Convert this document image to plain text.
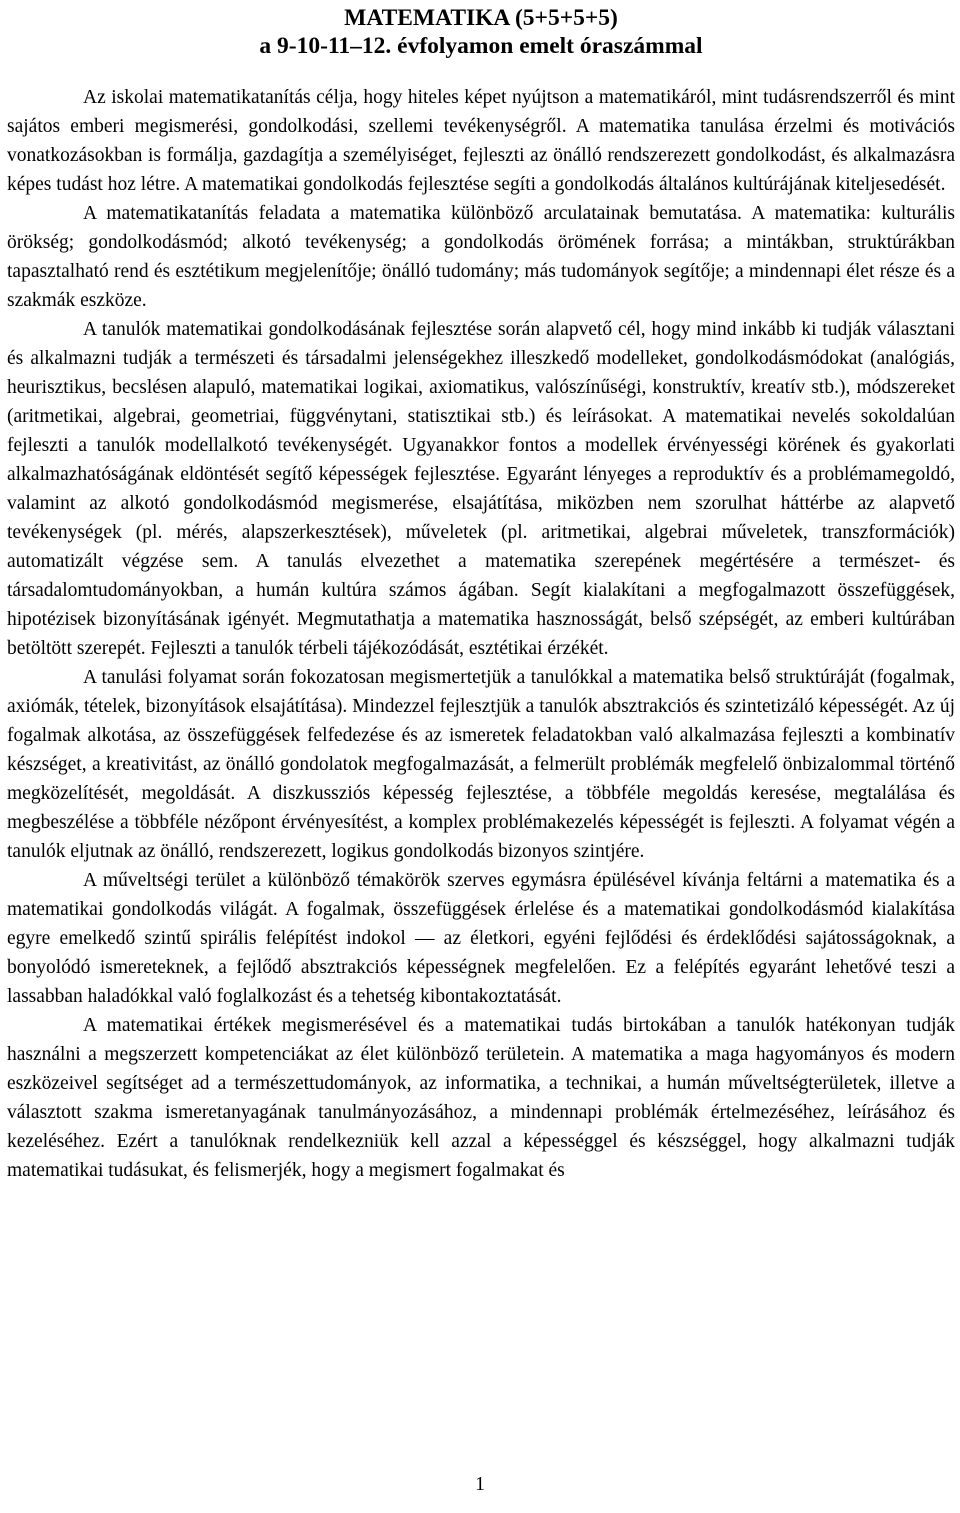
MATEMATIKA (5+5+5+5)
a 9-10-11–12. évfolyamon emelt óraszámmal

Az iskolai matematikatanítás célja, hogy hiteles képet nyújtson a matematikáról, mint tudásrendszerről és mint sajátos emberi megismerési, gondolkodási, szellemi tevékenységről. A matematika tanulása érzelmi és motivációs vonatkozásokban is formálja, gazdagítja a személyiséget, fejleszti az önálló rendszerezett gondolkodást, és alkalmazásra képes tudást hoz létre. A matematikai gondolkodás fejlesztése segíti a gondolkodás általános kultúrájának kiteljesedését.

A matematikatanítás feladata a matematika különböző arculatainak bemutatása. A matematika: kulturális örökség; gondolkodásmód; alkotó tevékenység; a gondolkodás örömének forrása; a mintákban, struktúrákban tapasztalható rend és esztétikum megjelenítője; önálló tudomány; más tudományok segítője; a mindennapi élet része és a szakmák eszköze.

A tanulók matematikai gondolkodásának fejlesztése során alapvető cél, hogy mind inkább ki tudják választani és alkalmazni tudják a természeti és társadalmi jelenségekhez illeszkedő modelleket, gondolkodásmódokat (analógiás, heurisztikus, becslésen alapuló, matematikai logikai, axiomatikus, valószínűségi, konstruktív, kreatív stb.), módszereket (aritmetikai, algebrai, geometriai, függvénytani, statisztikai stb.) és leírásokat. A matematikai nevelés sokoldalúan fejleszti a tanulók modellalkotó tevékenységét. Ugyanakkor fontos a modellek érvényességi körének és gyakorlati alkalmazhatóságának eldöntését segítő képességek fejlesztése. Egyaránt lényeges a reproduktív és a problémamegoldó, valamint az alkotó gondolkodásmód megismerése, elsajátítása, miközben nem szorulhat háttérbe az alapvető tevékenységek (pl. mérés, alapszerkesztések), műveletek (pl. aritmetikai, algebrai műveletek, transzformációk) automatizált végzése sem. A tanulás elvezethet a matematika szerepének megértésére a természet- és társadalomtudományokban, a humán kultúra számos ágában. Segít kialakítani a megfogalmazott összefüggések, hipotézisek bizonyításának igényét. Megmutathatja a matematika hasznosságát, belső szépségét, az emberi kultúrában betöltött szerepét. Fejleszti a tanulók térbeli tájékozódását, esztétikai érzékét.

A tanulási folyamat során fokozatosan megismertetjük a tanulókkal a matematika belső struktúráját (fogalmak, axiómák, tételek, bizonyítások elsajátítása). Mindezzel fejlesztjük a tanulók absztrakciós és szintetizáló képességét. Az új fogalmak alkotása, az összefüggések felfedezése és az ismeretek feladatokban való alkalmazása fejleszti a kombinatív készséget, a kreativitást, az önálló gondolatok megfogalmazását, a felmerült problémák megfelelő önbizalommal történő megközelítését, megoldását. A diszkussziós képesség fejlesztése, a többféle megoldás keresése, megtalálása és megbeszélése a többféle nézőpont érvényesítést, a komplex problémakezelés képességét is fejleszti. A folyamat végén a tanulók eljutnak az önálló, rendszerezett, logikus gondolkodás bizonyos szintjére.

A műveltségi terület a különböző témakörök szerves egymásra épülésével kívánja feltárni a matematika és a matematikai gondolkodás világát. A fogalmak, összefüggések érlelése és a matematikai gondolkodásmód kialakítása egyre emelkedő szintű spirális felépítést indokol — az életkori, egyéni fejlődési és érdeklődési sajátosságoknak, a bonyolódó ismereteknek, a fejlődő absztrakciós képességnek megfelelően. Ez a felépítés egyaránt lehetővé teszi a lassabban haladókkal való foglalkozást és a tehetség kibontakoztatását.

A matematikai értékek megismerésével és a matematikai tudás birtokában a tanulók hatékonyan tudják használni a megszerzett kompetenciákat az élet különböző területein. A matematika a maga hagyományos és modern eszközeivel segítséget ad a természettudományok, az informatika, a technikai, a humán műveltségterületek, illetve a választott szakma ismeretanyagának tanulmányozásához, a mindennapi problémák értelmezéséhez, leírásához és kezeléséhez. Ezért a tanulóknak rendelkezniük kell azzal a képességgel és készséggel, hogy alkalmazni tudják matematikai tudásukat, és felismerjék, hogy a megismert fogalmakat és

1
